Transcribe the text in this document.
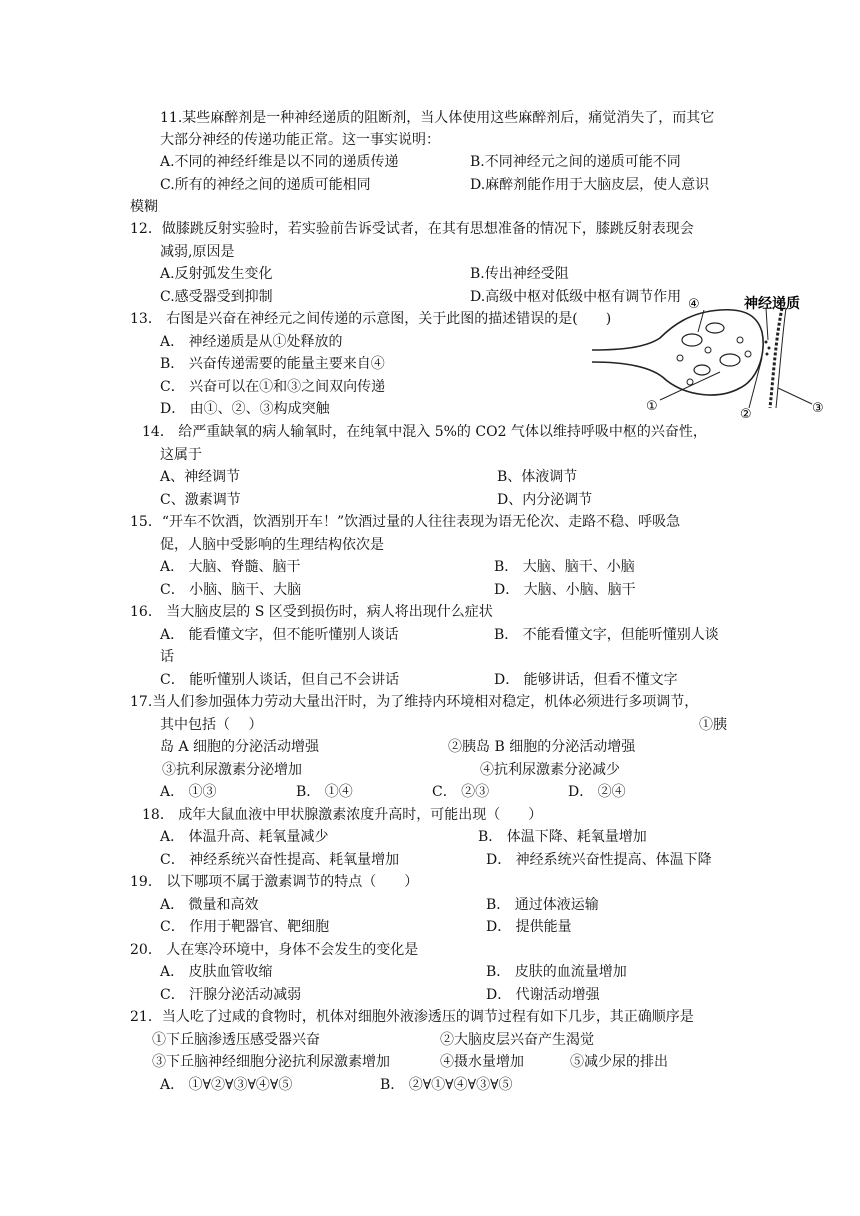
11.某些麻醉剂是一种神经递质的阻断剂，当人体使用这些麻醉剂后，痛觉消失了，而其它
大部分神经的传递功能正常。这一事实说明：
A.不同的神经纤维是以不同的递质传递	B.不同神经元之间的递质可能不同
C.所有的神经之间的递质可能相同	D.麻醉剂能作用于大脑皮层，使人意识
模糊
12．做膝跳反射实验时，若实验前告诉受试者，在其有思想准备的情况下，膝跳反射表现会
减弱,原因是
A.反射弧发生变化	B.传出神经受阻
C.感受器受到抑制	D.高级中枢对低级中枢有调节作用
13． 右图是兴奋在神经元之间传递的示意图，关于此图的描述错误的是(　　)
A． 神经递质是从①处释放的
B． 兴奋传递需要的能量主要来自④
C． 兴奋可以在①和③之间双向传递
D． 由①、②、③构成突触
神经递质
④
①
②	③
14． 给严重缺氧的病人输氧时，在纯氧中混入 5%的 CO2 气体以维持呼吸中枢的兴奋性，
这属于
A、神经调节	B、体液调节
C、激素调节	D、内分泌调节
15．“开车不饮酒，饮酒别开车！”饮酒过量的人往往表现为语无伦次、走路不稳、呼吸急
促，人脑中受影响的生理结构依次是
A． 大脑、脊髓、脑干	B． 大脑、脑干、小脑
C． 小脑、脑干、大脑	D． 大脑、小脑、脑干
16． 当大脑皮层的 S 区受到损伤时，病人将出现什么症状
A． 能看懂文字，但不能听懂别人谈话	B． 不能看懂文字，但能听懂别人谈
话
C． 能听懂别人谈话，但自己不会讲话	D． 能够讲话，但看不懂文字
17.当人们参加强体力劳动大量出汗时，为了维持内环境相对稳定，机体必须进行多项调节，
其中包括（　 ）	①胰
岛 A 细胞的分泌活动增强	②胰岛 B 细胞的分泌活动增强
③抗利尿激素分泌增加	④抗利尿激素分泌减少
A． ①③	B． ①④	C． ②③	D． ②④
18． 成年大鼠血液中甲状腺激素浓度升高时，可能出现（　　）
A． 体温升高、耗氧量减少	B． 体温下降、耗氧量增加
C． 神经系统兴奋性提高、耗氧量增加	D． 神经系统兴奋性提高、体温下降
19． 以下哪项不属于激素调节的特点（　　）
A． 微量和高效	B． 通过体液运输
C． 作用于靶器官、靶细胞	D． 提供能量
20． 人在寒冷环境中，身体不会发生的变化是
A． 皮肤血管收缩	B． 皮肤的血流量增加
C． 汗腺分泌活动减弱	D． 代谢活动增强
21．当人吃了过咸的食物时，机体对细胞外液渗透压的调节过程有如下几步，其正确顺序是
①下丘脑渗透压感受器兴奋	②大脑皮层兴奋产生渴觉
③下丘脑神经细胞分泌抗利尿激素增加	④摄水量增加	⑤减少尿的排出
A． ①∀②∀③∀④∀⑤	B． ②∀①∀④∀③∀⑤
